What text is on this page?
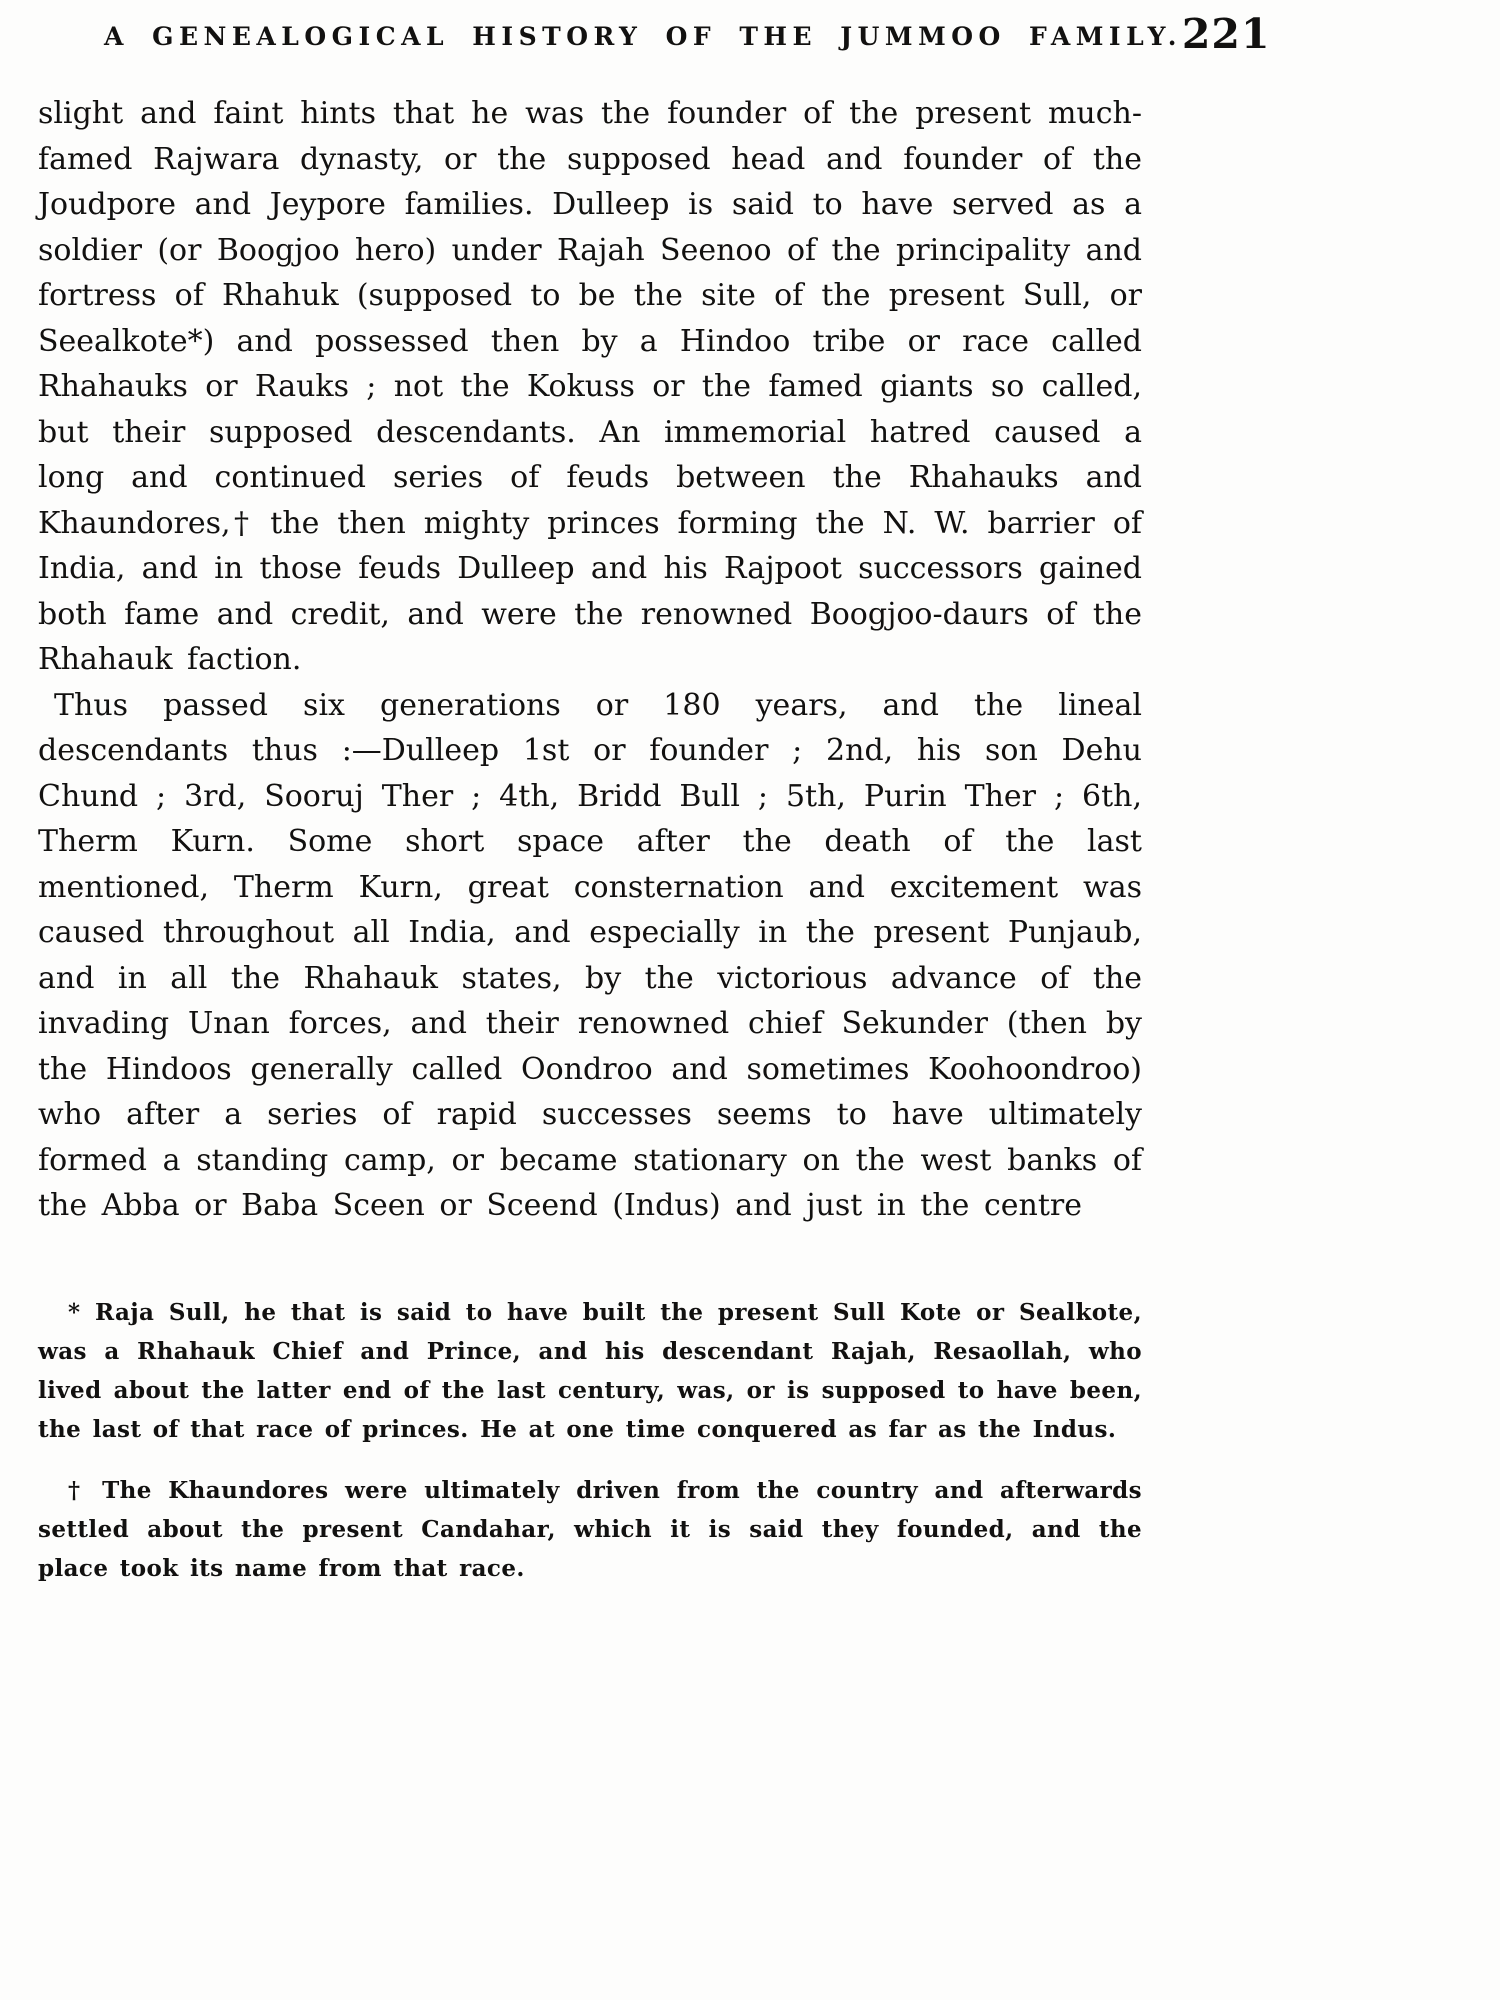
A GENEALOGICAL HISTORY OF THE JUMMOO FAMILY. 221

slight and faint hints that he was the founder of the present much-famed Rajwara dynasty, or the supposed head and founder of the Joudpore and Jeypore families. Dulleep is said to have served as a soldier (or Boogjoo hero) under Rajah Seenoo of the principality and fortress of Rhahuk (supposed to be the site of the present Sull, or Seealkote*) and possessed then by a Hindoo tribe or race called Rhahauks or Rauks ; not the Kokuss or the famed giants so called, but their supposed descendants. An immemorial hatred caused a long and continued series of feuds between the Rhahauks and Khaundores,† the then mighty princes forming the N. W. barrier of India, and in those feuds Dulleep and his Rajpoot successors gained both fame and credit, and were the renowned Boogjoo-daurs of the Rhahauk faction.

Thus passed six generations or 180 years, and the lineal descendants thus :—Dulleep 1st or founder ; 2nd, his son Dehu Chund ; 3rd, Sooruj Ther ; 4th, Bridd Bull ; 5th, Purin Ther ; 6th, Therm Kurn. Some short space after the death of the last mentioned, Therm Kurn, great consternation and excitement was caused throughout all India, and especially in the present Punjaub, and in all the Rhahauk states, by the victorious advance of the invading Unan forces, and their renowned chief Sekunder (then by the Hindoos generally called Oondroo and sometimes Koohoondroo) who after a series of rapid successes seems to have ultimately formed a standing camp, or became stationary on the west banks of the Abba or Baba Sceen or Sceend (Indus) and just in the centre

* Raja Sull, he that is said to have built the present Sull Kote or Sealkote, was a Rhahauk Chief and Prince, and his descendant Rajah, Resaollah, who lived about the latter end of the last century, was, or is supposed to have been, the last of that race of princes. He at one time conquered as far as the Indus.

† The Khaundores were ultimately driven from the country and afterwards settled about the present Candahar, which it is said they founded, and the place took its name from that race.
